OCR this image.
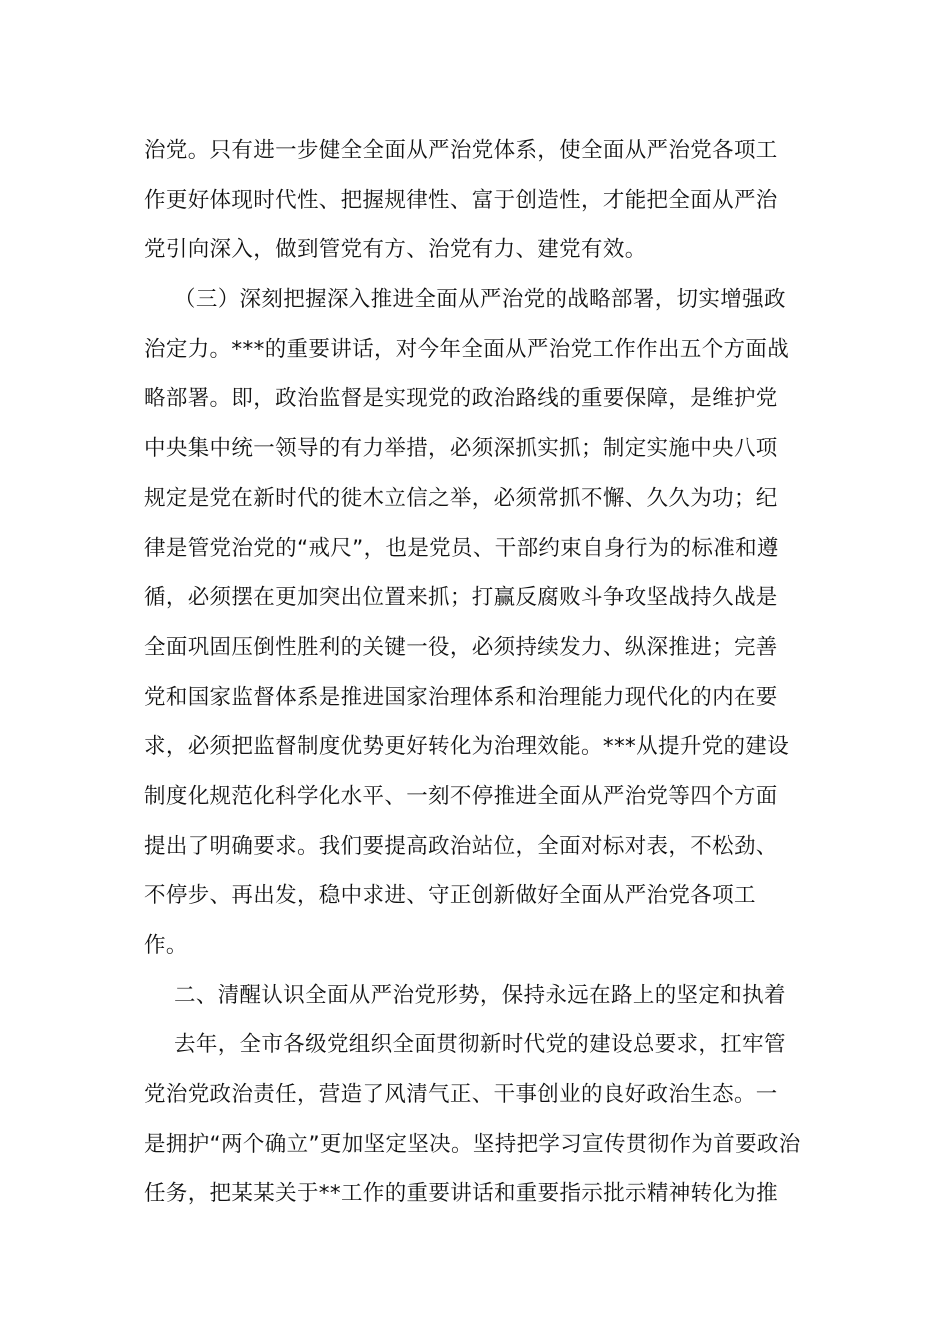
治党。只有进一步健全全面从严治党体系，使全面从严治党各项工
作更好体现时代性、把握规律性、富于创造性，才能把全面从严治
党引向深入，做到管党有方、治党有力、建党有效。
（三）深刻把握深入推进全面从严治党的战略部署，切实增强政
治定力。***的重要讲话，对今年全面从严治党工作作出五个方面战
略部署。即，政治监督是实现党的政治路线的重要保障，是维护党
中央集中统一领导的有力举措，必须深抓实抓；制定实施中央八项
规定是党在新时代的徙木立信之举，必须常抓不懈、久久为功；纪
律是管党治党的“戒尺”，也是党员、干部约束自身行为的标准和遵
循，必须摆在更加突出位置来抓；打赢反腐败斗争攻坚战持久战是
全面巩固压倒性胜利的关键一役，必须持续发力、纵深推进；完善
党和国家监督体系是推进国家治理体系和治理能力现代化的内在要
求，必须把监督制度优势更好转化为治理效能。***从提升党的建设
制度化规范化科学化水平、一刻不停推进全面从严治党等四个方面
提出了明确要求。我们要提高政治站位，全面对标对表，不松劲、
不停步、再出发，稳中求进、守正创新做好全面从严治党各项工
作。
二、清醒认识全面从严治党形势，保持永远在路上的坚定和执着
去年，全市各级党组织全面贯彻新时代党的建设总要求，扛牢管
党治党政治责任，营造了风清气正、干事创业的良好政治生态。一
是拥护“两个确立”更加坚定坚决。坚持把学习宣传贯彻作为首要政治
任务，把某某关于**工作的重要讲话和重要指示批示精神转化为推
